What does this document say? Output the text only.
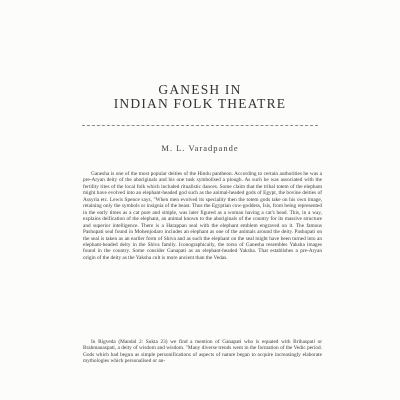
GANESH IN
INDIAN FOLK THEATRE
M. L. Varadpande

Ganesha is one of the most popular deities of the Hindu pantheon. According to certain authorities he was a pre-Aryan deity of the aboriginals and his one tusk symbolised a plough. As such he was associated with the fertility rites of the local folk which included ritualistic dances. Some claim that the tribal totem of the elephant might have evolved into an elephant-headed god such as the animal-headed gods of Egypt, the bovine deities of Assyria etc. Lewis Spence says, "When men evolved its speciality then the totem gods take on his own image, retaining only the symbols or insignia of the beast. Thus the Egyptian cow-goddess, Isis, from being represented in the early times as a cat pure and simple, was later figured as a woman having a cat's head. This, in a way, explains deification of the elephant, an animal known to the aboriginals of the country for its massive structure and superior intelligence. There is a Harappan seal with the elephant emblem engraved on it. The famous Pashupati seal found in Mohenjodaro includes an elephant as one of the animals around the deity. Pashupati on the seal is taken as an earlier form of Shiva and as such the elephant on the seal might have been turned into an elephant-headed deity in the Shiva family. Iconographically, the torso of Ganesha resembles Yaksha images found in the country. Some consider Ganapati as an elephant-headed Yaksha. That establishes a pre-Aryan origin of the deity as the Yaksha cult is more ancient than the Vedas.

In Rigveda (Mandal 2: Sukta 23) we find a mention of Ganapati who is equated with Brihaspati or Brahmanaspati, a deity of wisdom and wisdom. "Many diverse trends went in the formation of the Vedic period. Gods which had begun as simple personifications of aspects of nature began to acquire increasingly elaborate mythologies which personalised or an-
